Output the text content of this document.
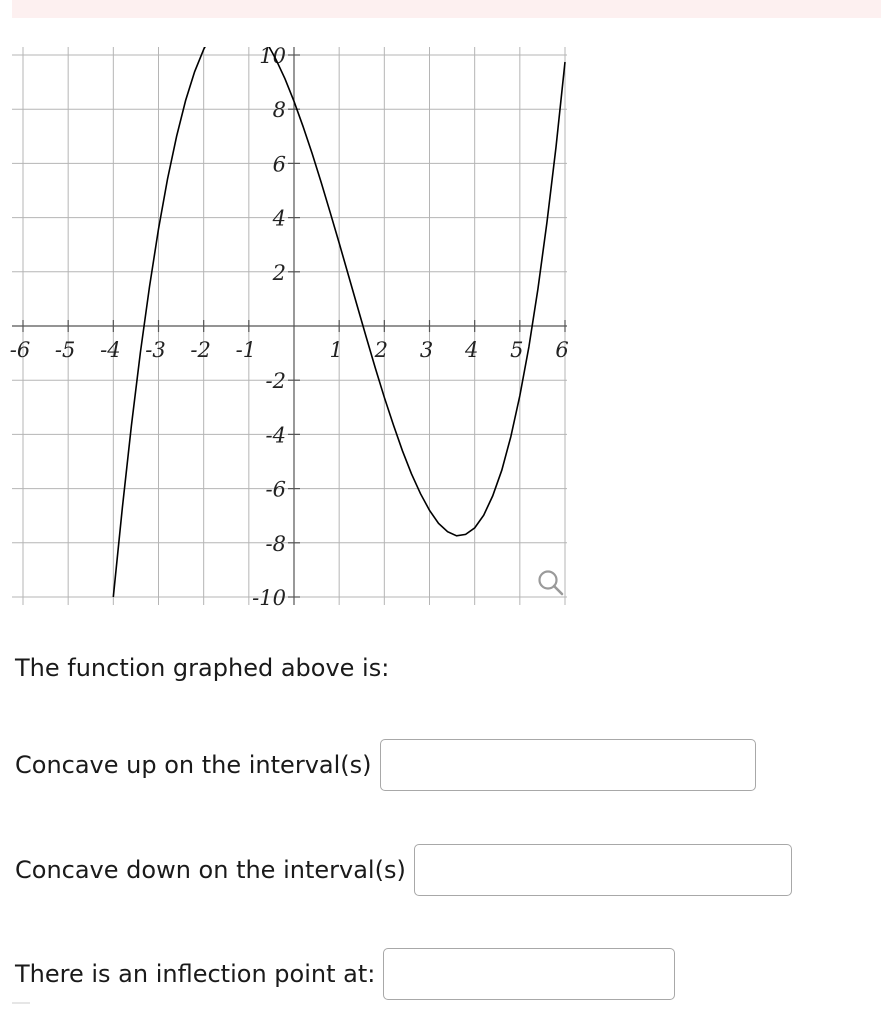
-6 -5 -4 -3 -2 -1	1 2 3 4 5 6
10
8
6
4
2
-2
-4
-6
-8
-10

The function graphed above is:

Concave up on the interval(s)
Concave down on the interval(s)
There is an inflection point at:
